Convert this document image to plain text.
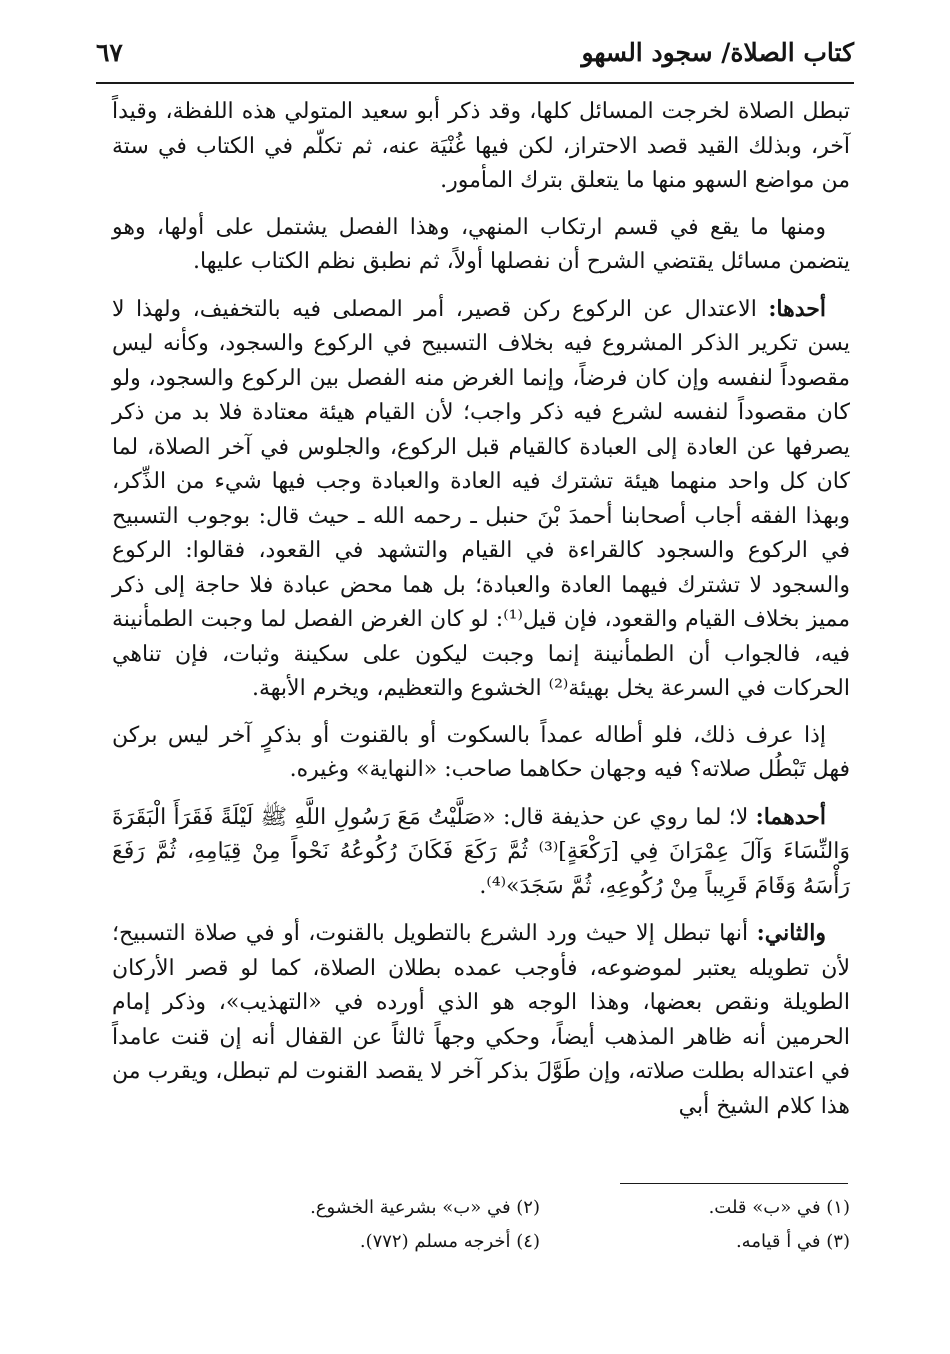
كتاب الصلاة/ سجود السهو
٦٧

تبطل الصلاة لخرجت المسائل كلها، وقد ذكر أبو سعيد المتولي هذه اللفظة، وقيداً آخر، وبذلك القيد قصد الاحتراز، لكن فيها غُنْيَة عنه، ثم تكلّم في الكتاب في ستة من مواضع السهو منها ما يتعلق بترك المأمور.

ومنها ما يقع في قسم ارتكاب المنهي، وهذا الفصل يشتمل على أولها، وهو يتضمن مسائل يقتضي الشرح أن نفصلها أولاً، ثم نطبق نظم الكتاب عليها.

أحدها: الاعتدال عن الركوع ركن قصير، أمر المصلى فيه بالتخفيف، ولهذا لا يسن تكرير الذكر المشروع فيه بخلاف التسبيح في الركوع والسجود، وكأنه ليس مقصوداً لنفسه وإن كان فرضاً، وإنما الغرض منه الفصل بين الركوع والسجود، ولو كان مقصوداً لنفسه لشرع فيه ذكر واجب؛ لأن القيام هيئة معتادة فلا بد من ذكر يصرفها عن العادة إلى العبادة كالقيام قبل الركوع، والجلوس في آخر الصلاة، لما كان كل واحد منهما هيئة تشترك فيه العادة والعبادة وجب فيها شيء من الذِّكر، وبهذا الفقه أجاب أصحابنا أحمدَ بْنَ حنبل ـ رحمه الله ـ حيث قال: بوجوب التسبيح في الركوع والسجود كالقراءة في القيام والتشهد في القعود، فقالوا: الركوع والسجود لا تشترك فيهما العادة والعبادة؛ بل هما محض عبادة فلا حاجة إلى ذكر مميز بخلاف القيام والقعود، فإن قيل⁽¹⁾: لو كان الغرض الفصل لما وجبت الطمأنينة فيه، فالجواب أن الطمأنينة إنما وجبت ليكون على سكينة وثبات، فإن تناهي الحركات في السرعة يخل بهيئة⁽²⁾ الخشوع والتعظيم، ويخرم الأبهة.

إذا عرف ذلك، فلو أطاله عمداً بالسكوت أو بالقنوت أو بذكرٍ آخر ليس بركن فهل تَبْطُل صلاته؟ فيه وجهان حكاهما صاحب: «النهاية» وغيره.

أحدهما: لا؛ لما روي عن حذيفة قال: «صَلَّيْتُ مَعَ رَسُولِ اللَّهِ ﷺ لَيْلَةً فَقَرَأَ الْبَقَرَةَ وَالنِّسَاءَ وَآلَ عِمْرَانَ فِي [رَكْعَةٍ]⁽³⁾ ثُمَّ رَكَعَ فَكَانَ رُكُوعُهُ نَحْواً مِنْ قِيَامِهِ، ثُمَّ رَفَعَ رَأْسَهُ وَقَامَ قَرِيباً مِنْ رُكُوعِهِ، ثُمَّ سَجَدَ»⁽⁴⁾.

والثاني: أنها تبطل إلا حيث ورد الشرع بالتطويل بالقنوت، أو في صلاة التسبيح؛ لأن تطويله يعتبر لموضوعه، فأوجب عمده بطلان الصلاة، كما لو قصر الأركان الطويلة ونقص بعضها، وهذا الوجه هو الذي أورده في «التهذيب»، وذكر إمام الحرمين أنه ظاهر المذهب أيضاً، وحكي وجهاً ثالثاً عن القفال أنه إن قنت عامداً في اعتداله بطلت صلاته، وإن طَوَّلَ بذكر آخر لا يقصد القنوت لم تبطل، ويقرب من هذا كلام الشيخ أبي

(١) في «ب» قلت.
(٢) في «ب» بشرعية الخشوع.
(٣) في أ قيامه.
(٤) أخرجه مسلم (٧٧٢).
